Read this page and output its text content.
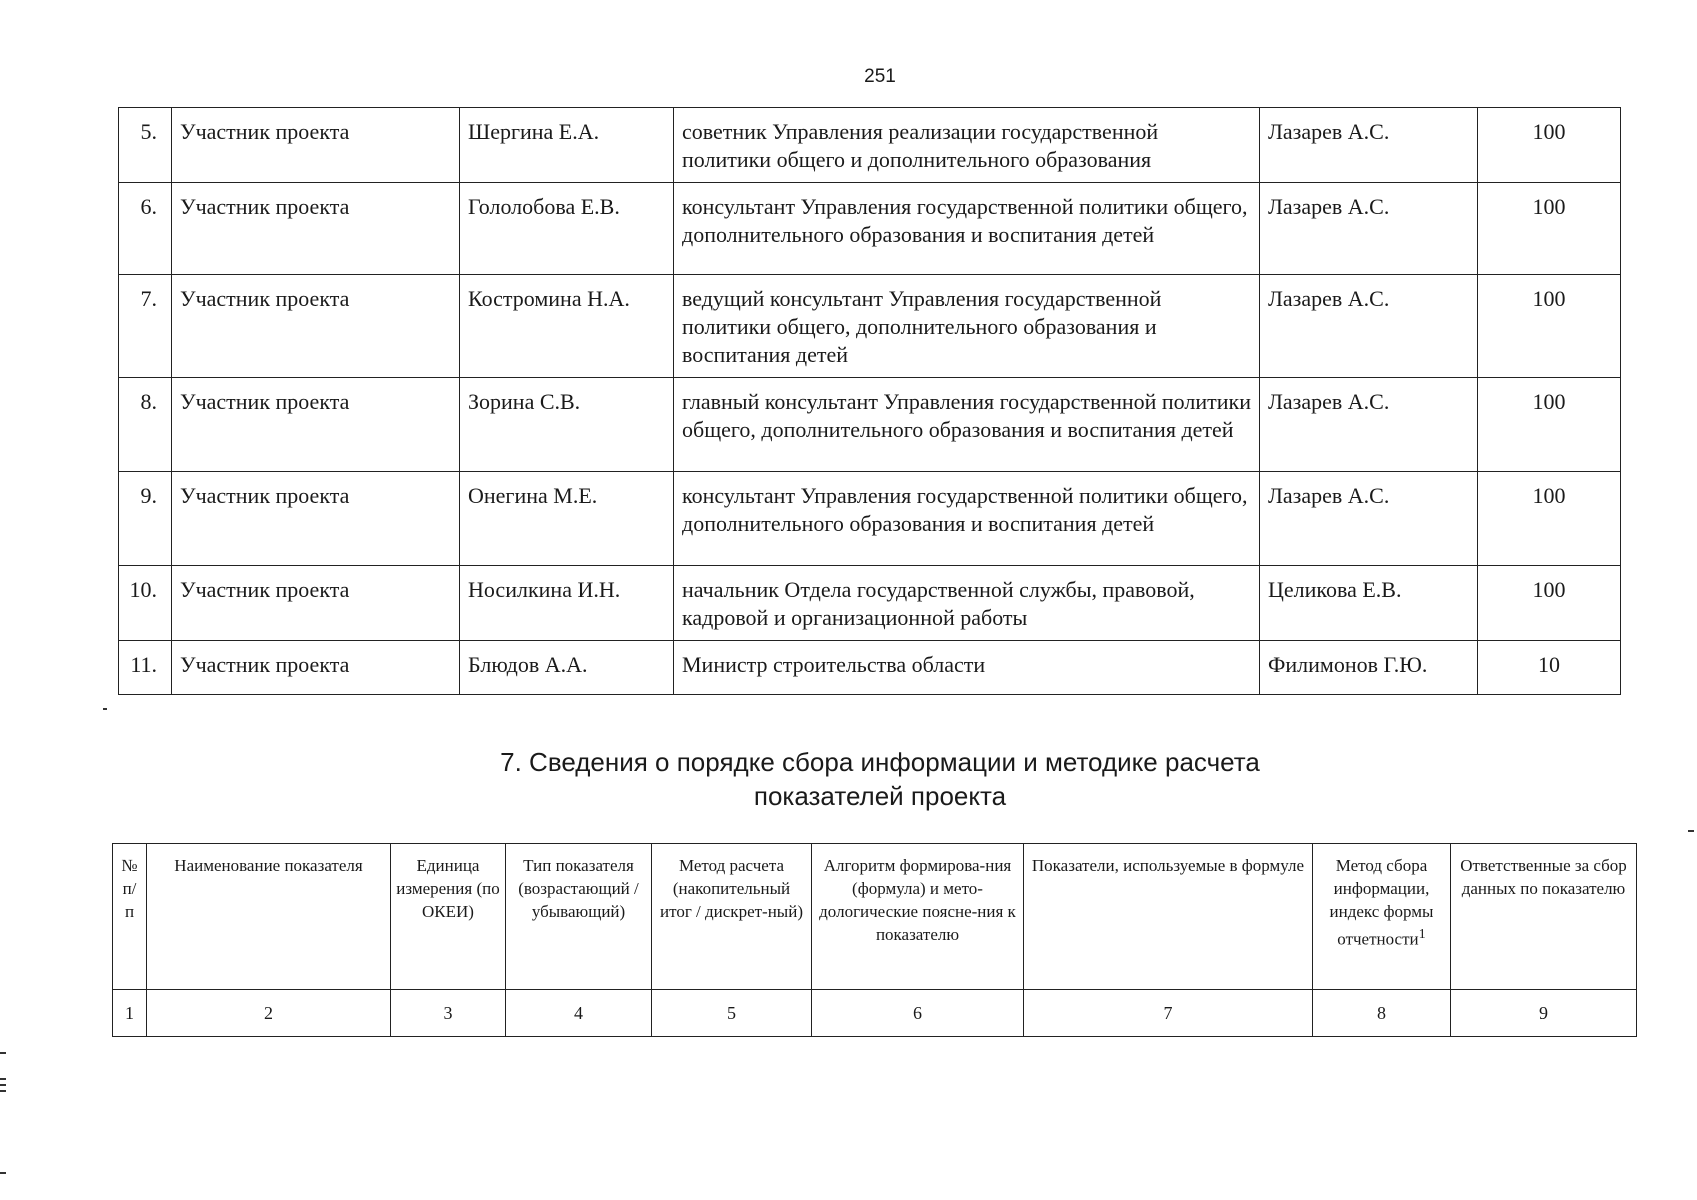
251
5.	Участник проекта	Шергина Е.А.	советник Управления реализации государственной политики общего и дополнительного образования	Лазарев А.С.	100
6.	Участник проекта	Гололобова Е.В.	консультант Управления государственной политики общего, дополнительного образования и воспитания детей	Лазарев А.С.	100
7.	Участник проекта	Костромина Н.А.	ведущий консультант Управления государственной политики общего, дополнительного образования и воспитания детей	Лазарев А.С.	100
8.	Участник проекта	Зорина С.В.	главный консультант Управления государственной политики общего, дополнительного образования и воспитания детей	Лазарев А.С.	100
9.	Участник проекта	Онегина М.Е.	консультант Управления государственной политики общего, дополнительного образования и воспитания детей	Лазарев А.С.	100
10.	Участник проекта	Носилкина И.Н.	начальник Отдела государственной службы, правовой, кадровой и организационной работы	Целикова Е.В.	100
11.	Участник проекта	Блюдов А.А.	Министр строительства области	Филимонов Г.Ю.	10
7. Сведения о порядке сбора информации и методике расчета
показателей проекта
№ п/ п	Наименование показателя	Единица измерения (по ОКЕИ)	Тип показателя (возрастающий / убывающий)	Метод расчета (накопительный итог / дискрет-ный)	Алгоритм формирова-ния (формула) и мето-дологические поясне-ния к показателю	Показатели, используемые в формуле	Метод сбора информации, индекс формы отчетности$^1$	Ответственные за сбор данных по показателю
1	2	3	4	5	6	7	8	9
